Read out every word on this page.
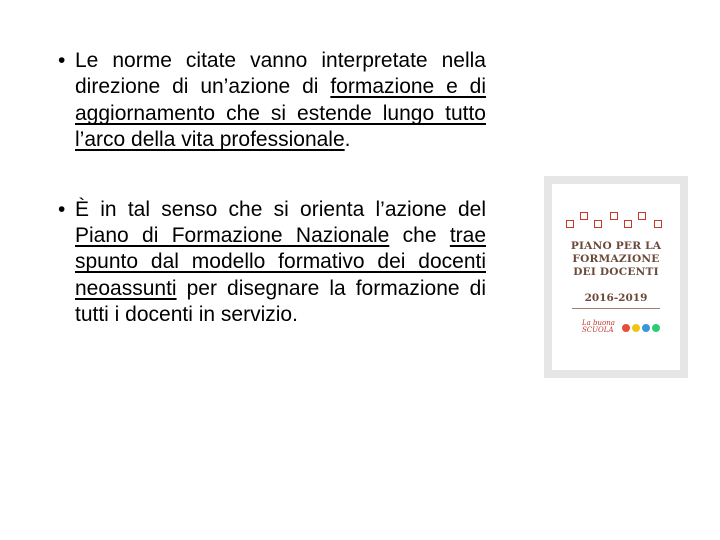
• Le norme citate vanno interpretate nella direzione di un’azione di formazione e di aggiornamento che si estende lungo tutto l’arco della vita professionale.
• È in tal senso che si orienta l’azione del Piano di Formazione Nazionale che trae spunto dal modello formativo dei docenti neoassunti per disegnare la formazione di tutti i docenti in servizio.
PIANO PER LA
FORMAZIONE
DEI DOCENTI
2016-2019
La buona
SCUOLA
